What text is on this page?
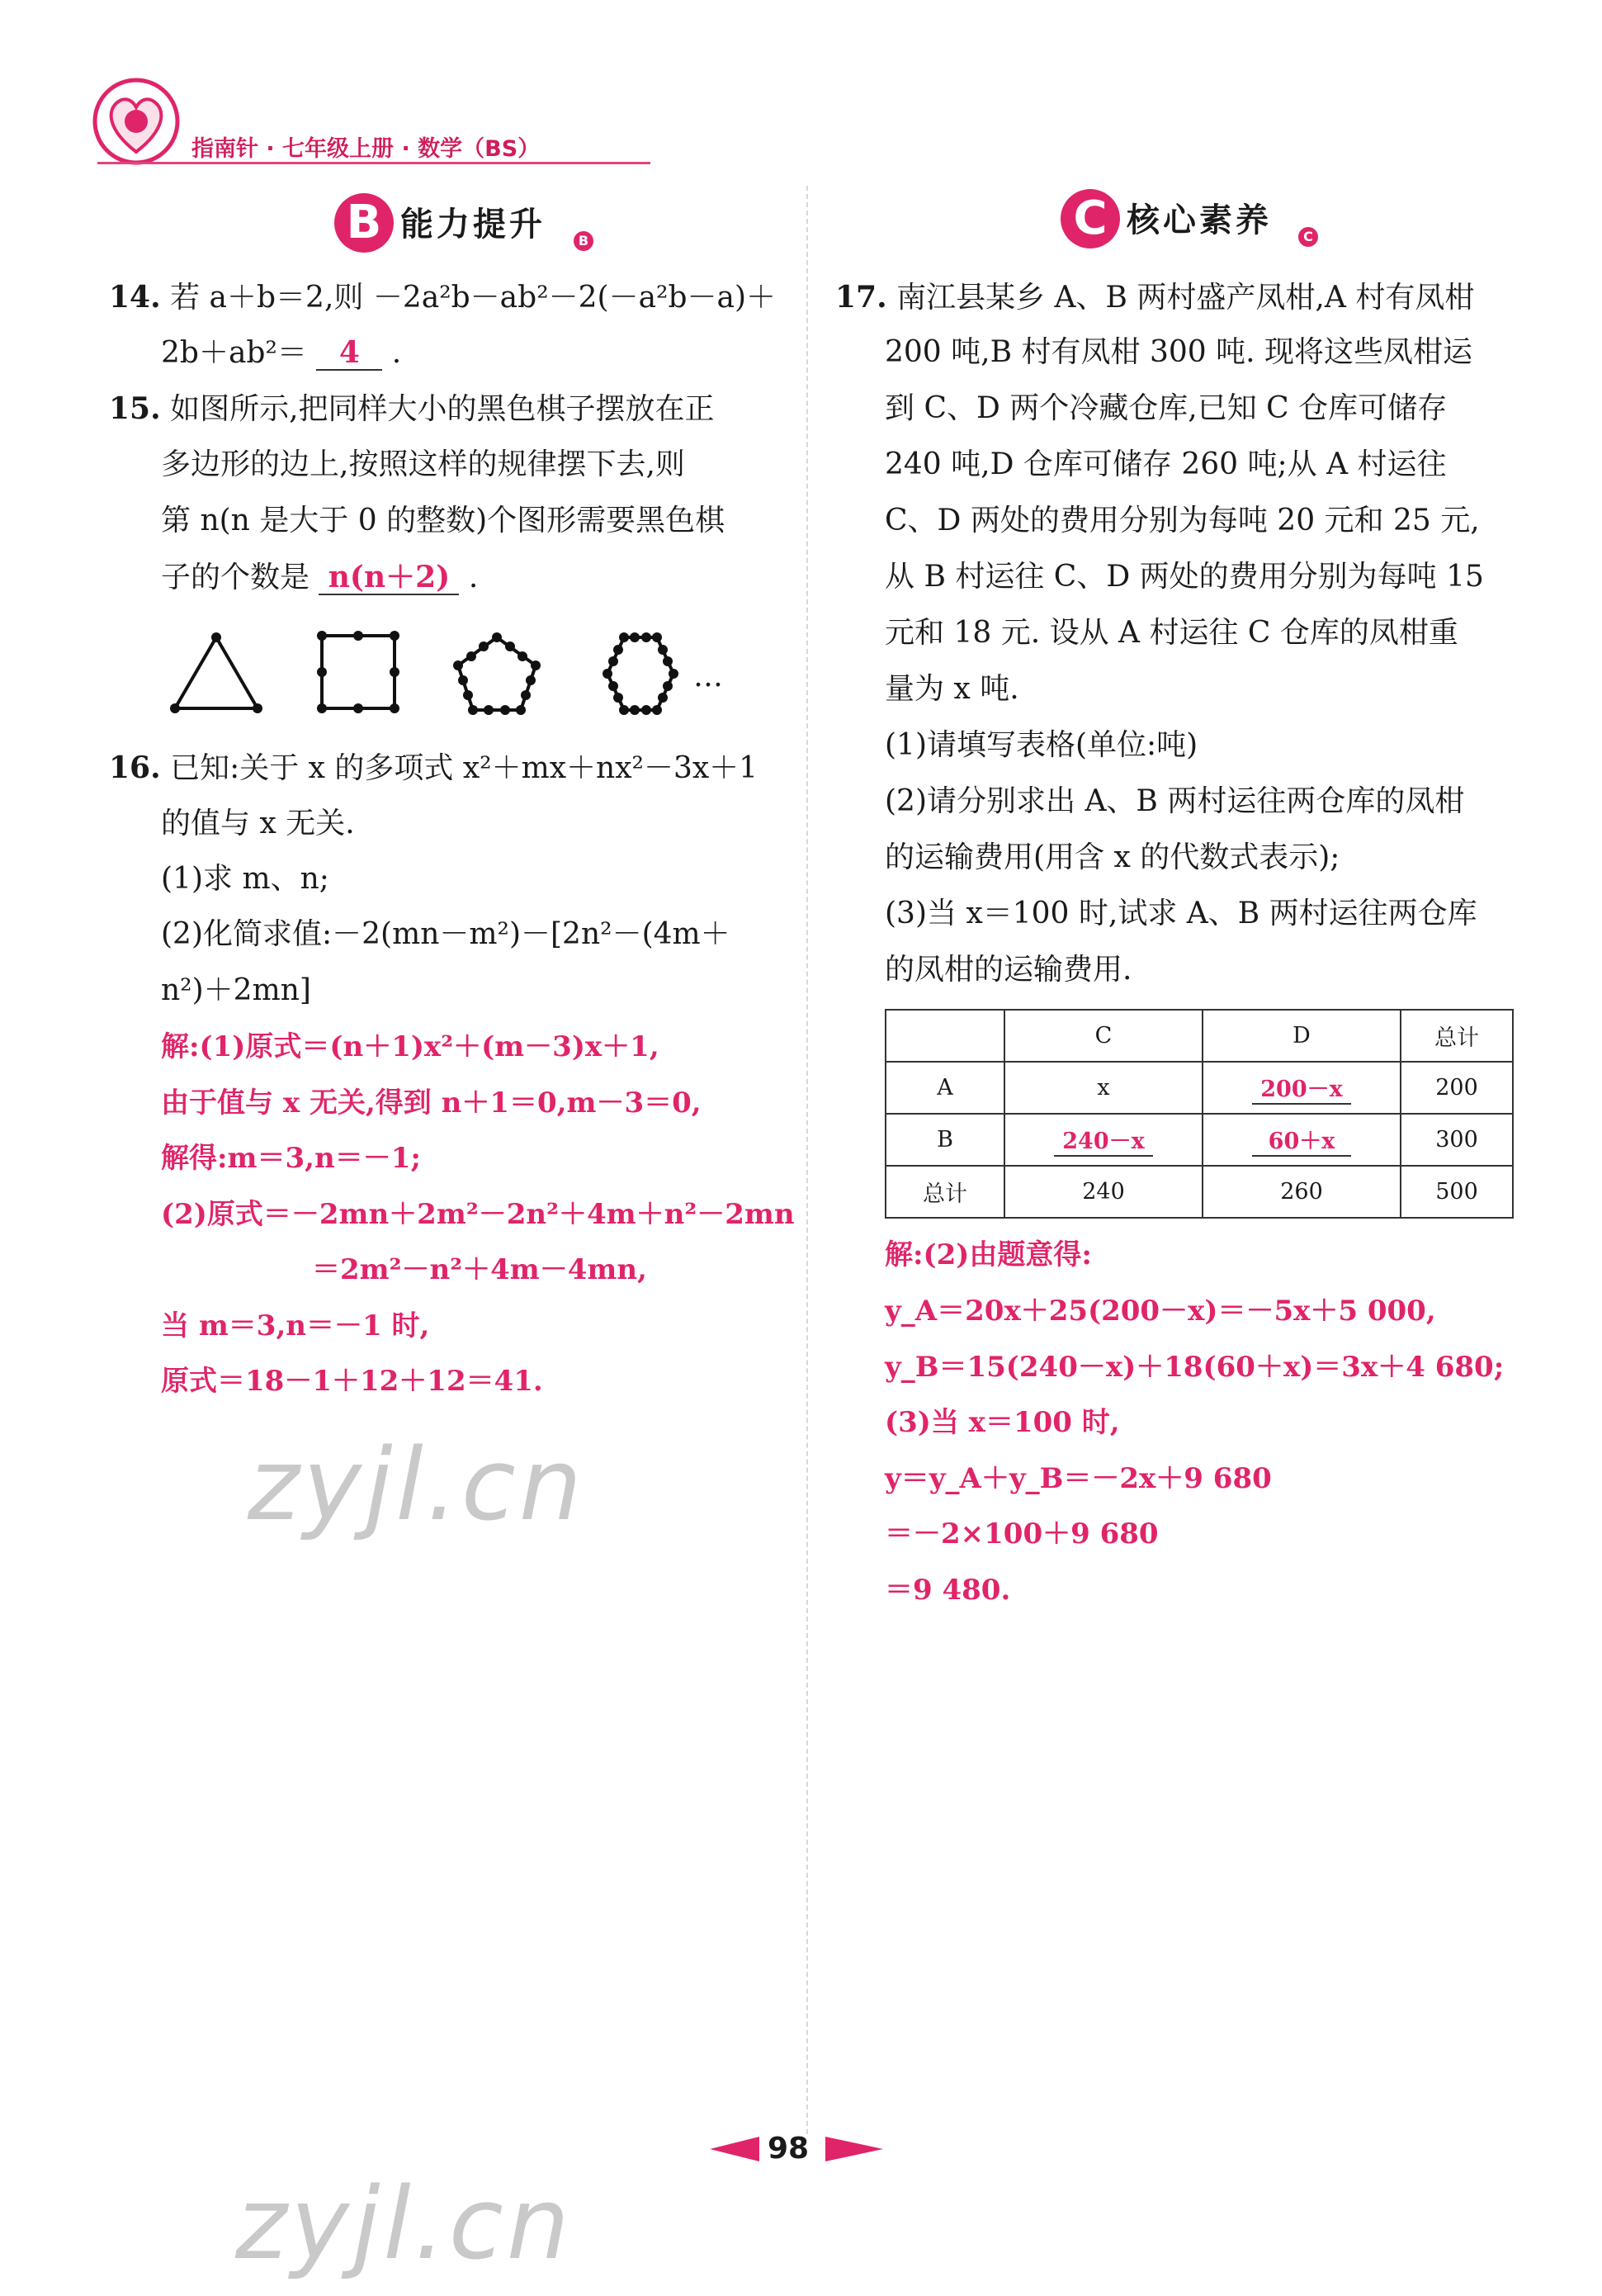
指南针 · 七年级上册 · 数学（BS）
B 能力提升	B	C 核心素养	C
14. 若 a＋b＝2,则 －2a²b－ab²－2(－a²b－a)＋
2b＋ab²＝ 4 .
15. 如图所示,把同样大小的黑色棋子摆放在正
多边形的边上,按照这样的规律摆下去,则
第 n(n 是大于 0 的整数)个图形需要黑色棋
子的个数是 n(n＋2) .
…
16. 已知:关于 x 的多项式 x²＋mx＋nx²－3x＋1
的值与 x 无关.
(1)求 m、n;
(2)化简求值:－2(mn－m²)－[2n²－(4m＋
n²)＋2mn]
解:(1)原式＝(n＋1)x²＋(m－3)x＋1,
由于值与 x 无关,得到 n＋1＝0,m－3＝0,
解得:m＝3,n＝－1;
(2)原式＝－2mn＋2m²－2n²＋4m＋n²－2mn
＝2m²－n²＋4m－4mn,
当 m＝3,n＝－1 时,
原式＝18－1＋12＋12＝41.
zyjl.cn
17. 南江县某乡 A、B 两村盛产凤柑,A 村有凤柑
200 吨,B 村有凤柑 300 吨. 现将这些凤柑运
到 C、D 两个冷藏仓库,已知 C 仓库可储存
240 吨,D 仓库可储存 260 吨;从 A 村运往
C、D 两处的费用分别为每吨 20 元和 25 元,
从 B 村运往 C、D 两处的费用分别为每吨 15
元和 18 元. 设从 A 村运往 C 仓库的凤柑重
量为 x 吨.
(1)请填写表格(单位:吨)
(2)请分别求出 A、B 两村运往两仓库的凤柑
的运输费用(用含 x 的代数式表示);
(3)当 x＝100 时,试求 A、B 两村运往两仓库
的凤柑的运输费用.
	C	D	总计
A	x	200－x	200
B	240－x	60＋x	300
总计	240	260	500
解:(2)由题意得:
y_A＝20x＋25(200－x)＝－5x＋5 000,
y_B＝15(240－x)＋18(60＋x)＝3x＋4 680;
(3)当 x＝100 时,
y＝y_A＋y_B＝－2x＋9 680
＝－2×100＋9 680
＝9 480.
98
zyjl.cn
